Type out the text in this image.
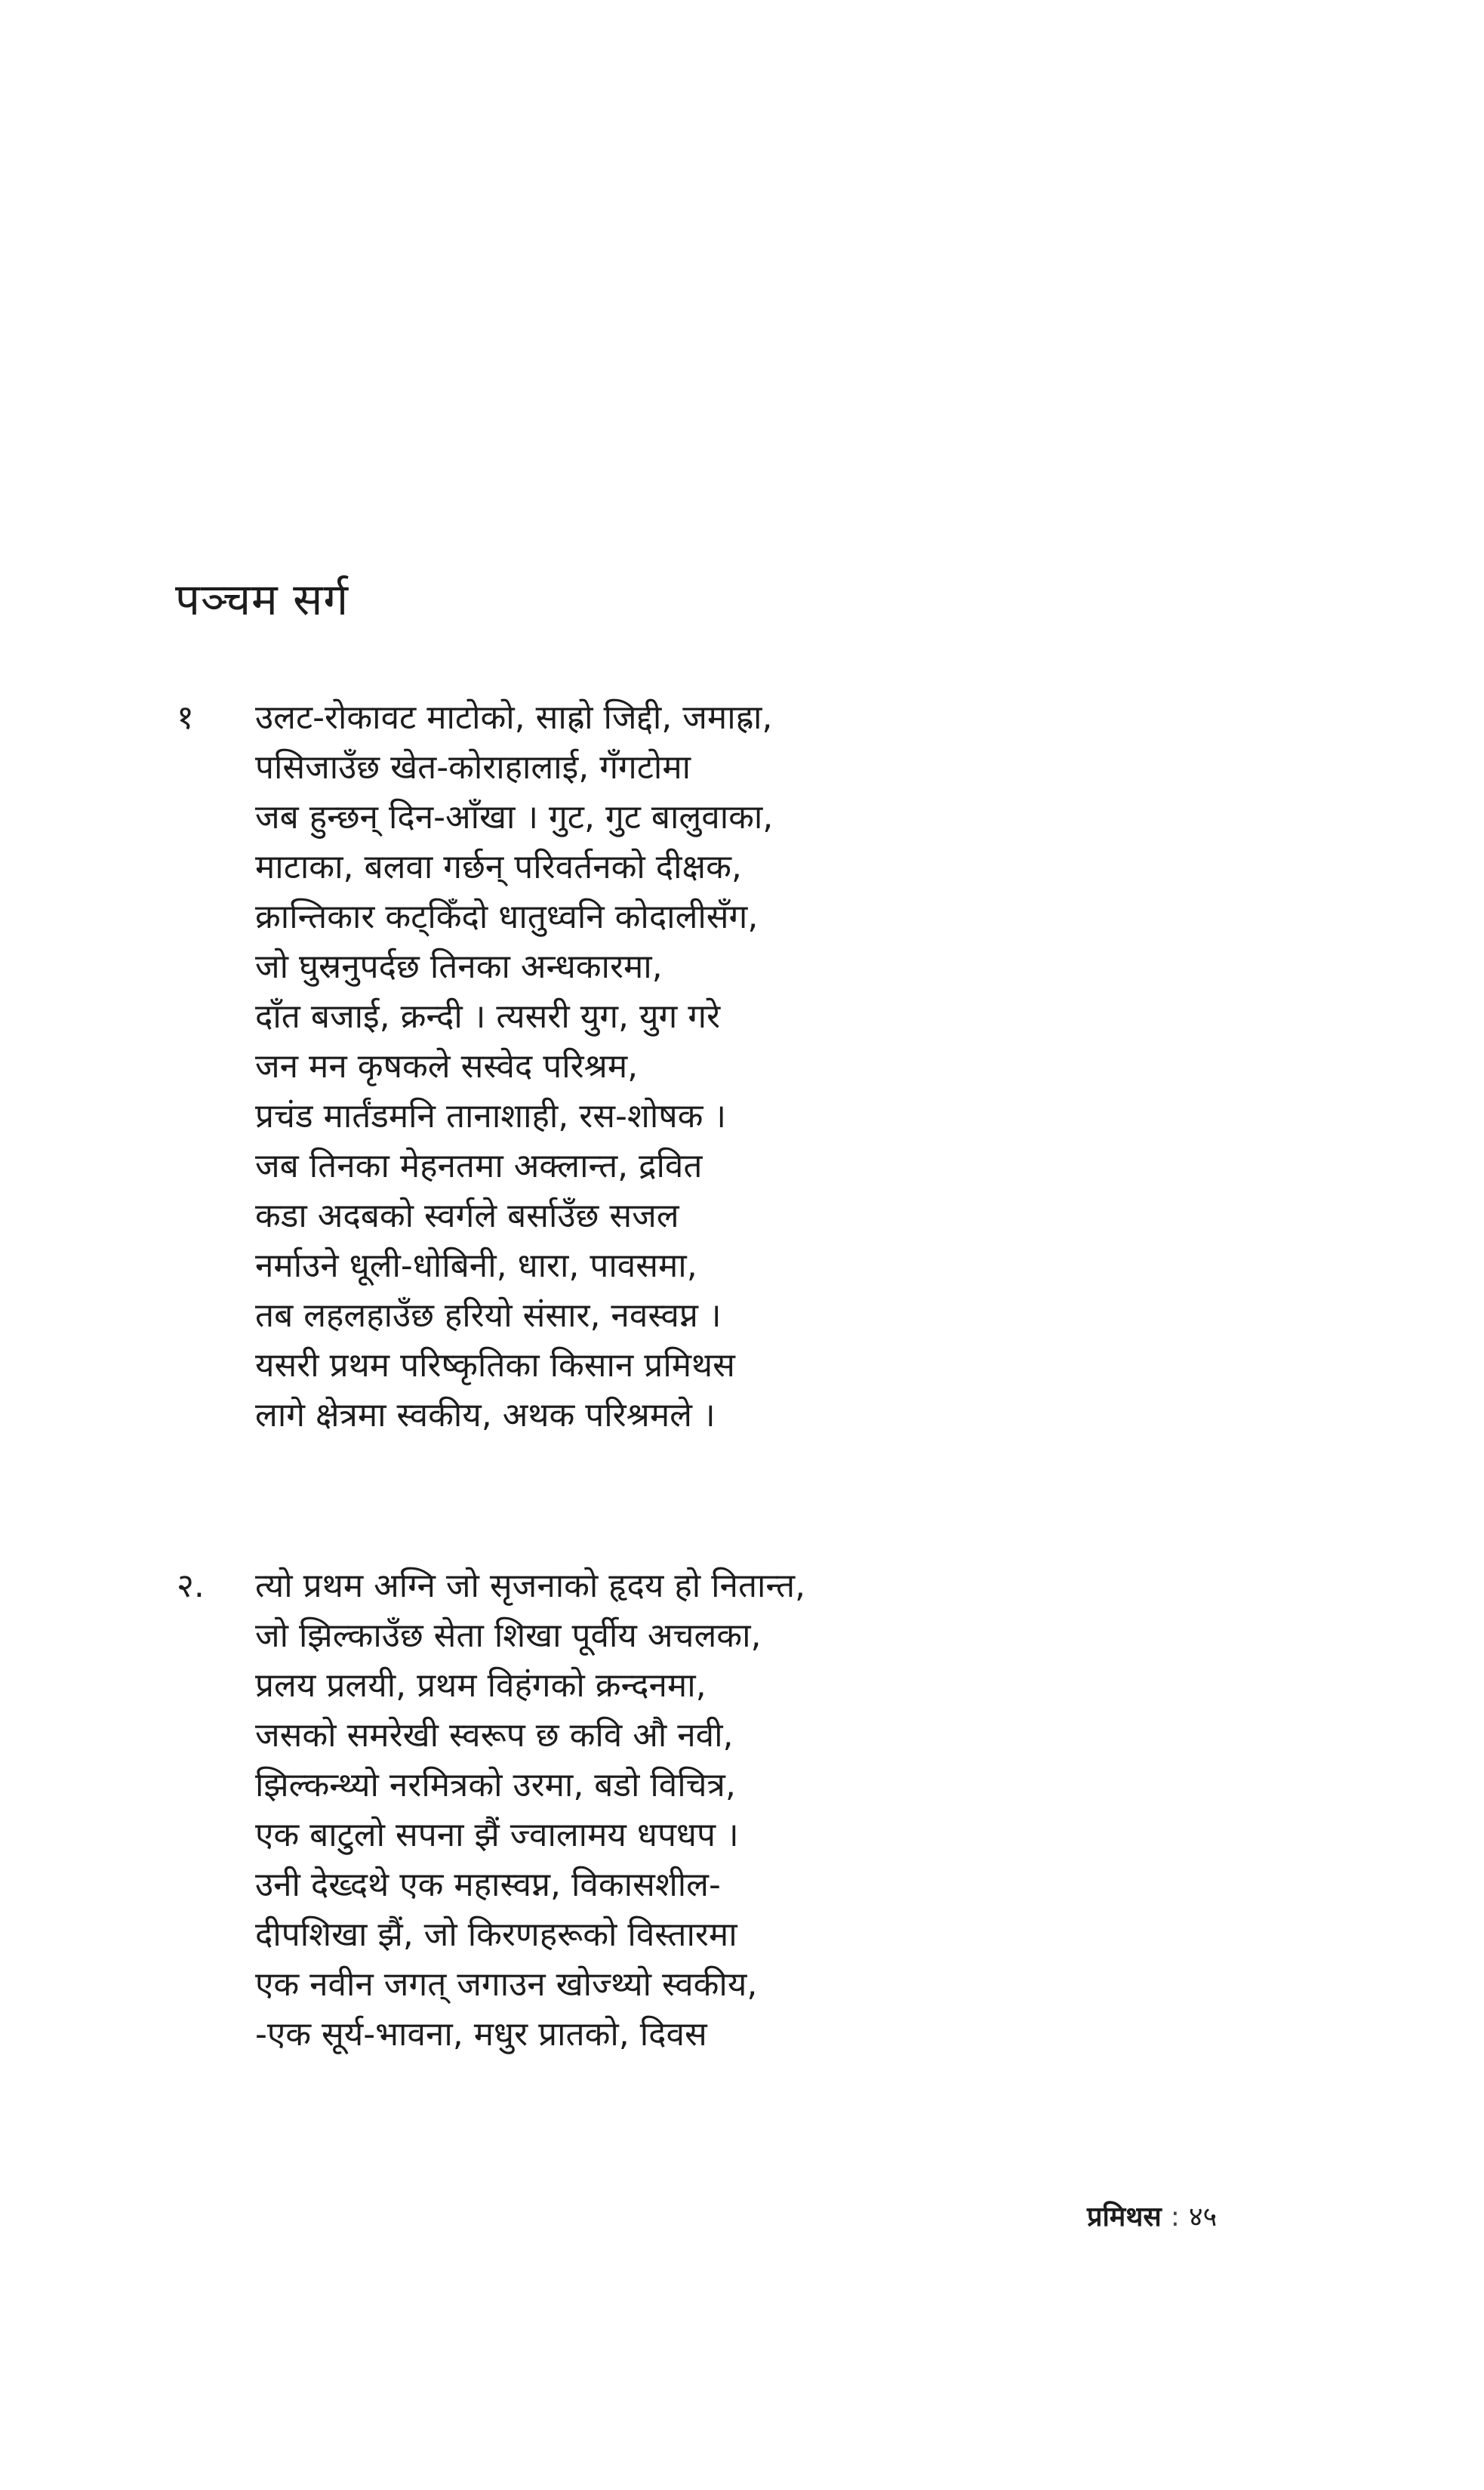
पञ्चम सर्ग
१ उलट-रोकावट माटोको, साह्रो जिद्दी, जमाह्रा,
पसिजाउँछ खेत-कोराहालाई, गँगटोमा
जब हुन्छन् दिन-आँखा । गुट, गुट बालुवाका,
माटाका, बलवा गर्छन् परिवर्तनको दीक्षक,
क्रान्तिकार कट्किँदो धातुध्वनि कोदालीसँग,
जो घुस्रनुपर्दछ तिनका अन्धकारमा,
दाँत बजाई, क्रन्दी । त्यसरी युग, युग गरे
जन मन कृषकले सस्वेद परिश्रम,
प्रचंड मार्तंडमनि तानाशाही, रस-शोषक ।
जब तिनका मेहनतमा अक्लान्त, द्रवित
कडा अदबको स्वर्गले बर्साउँछ सजल
नर्माउने धूली-धोबिनी, धारा, पावसमा,
तब लहलहाउँछ हरियो संसार, नवस्वप्न ।
यसरी प्रथम परिष्कृतिका किसान प्रमिथस
लागे क्षेत्रमा स्वकीय, अथक परिश्रमले ।
२. त्यो प्रथम अग्नि जो सृजनाको हृदय हो नितान्त,
जो झिल्काउँछ सेता शिखा पूर्वीय अचलका,
प्रलय प्रलयी, प्रथम विहंगको क्रन्दनमा,
जसको समरेखी स्वरूप छ कवि औ नवी,
झिल्कन्थ्यो नरमित्रको उरमा, बडो विचित्र,
एक बाटुलो सपना झैं ज्वालामय धपधप ।
उनी देख्दथे एक महास्वप्न, विकासशील-
दीपशिखा झैं, जो किरणहरूको विस्तारमा
एक नवीन जगत् जगाउन खोज्थ्यो स्वकीय,
-एक सूर्य-भावना, मधुर प्रातको, दिवस
प्रमिथस : ४५
